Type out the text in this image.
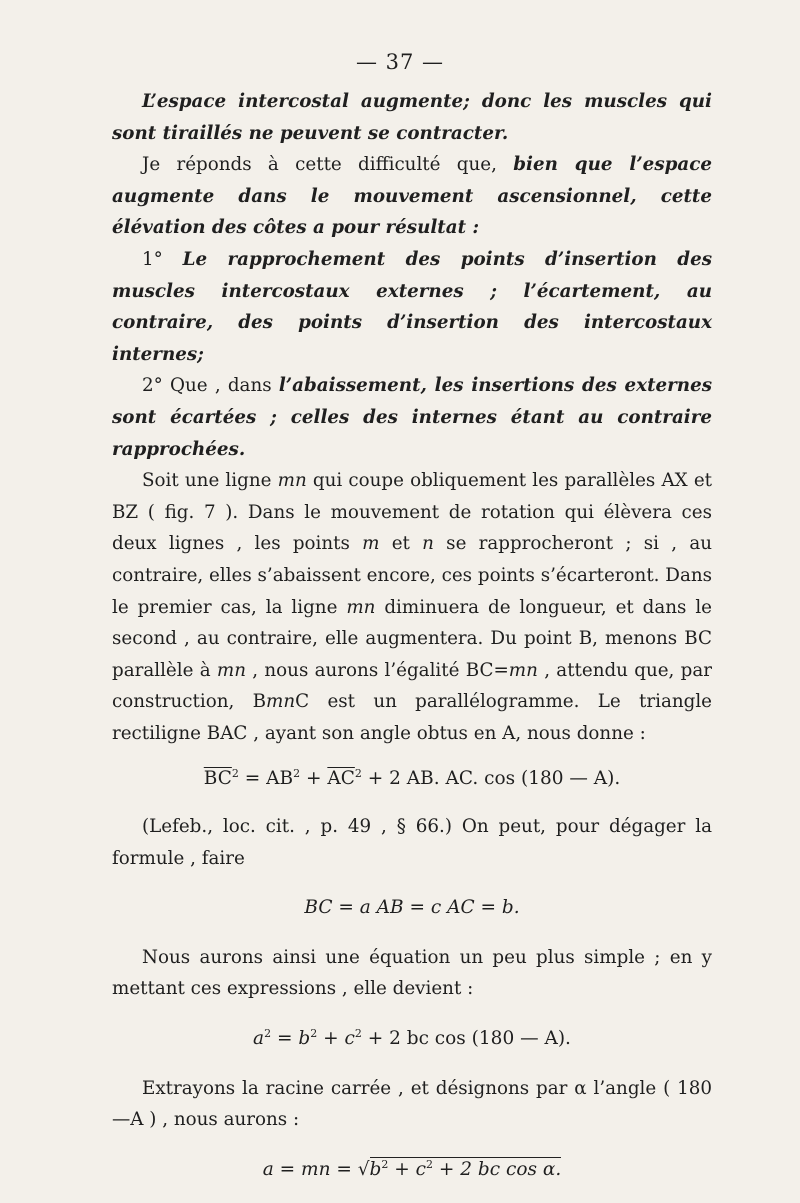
— 37 —

L’espace intercostal augmente; donc les muscles qui sont tiraillés ne peuvent se contracter.

Je réponds à cette difficulté que, bien que l’espace augmente dans le mouvement ascensionnel, cette élévation des côtes a pour résultat :

1° Le rapprochement des points d’insertion des muscles intercostaux externes ; l’écartement, au contraire, des points d’insertion des intercostaux internes;

2° Que , dans l’abaissement, les insertions des externes sont écartées ; celles des internes étant au contraire rapprochées.

Soit une ligne mn qui coupe obliquement les parallèles AX et BZ ( fig. 7 ). Dans le mouvement de rotation qui élèvera ces deux lignes , les points m et n se rapprocheront ; si , au contraire, elles s’abaissent encore, ces points s’écarteront. Dans le premier cas, la ligne mn diminuera de longueur, et dans le second , au contraire, elle augmentera. Du point B, menons BC parallèle à mn , nous aurons l’égalité BC=mn , attendu que, par construction, BmnC est un parallélogramme. Le triangle rectiligne BAC , ayant son angle obtus en A, nous donne :

$\overline{BC}^2 = AB^2 + \overline{AC}^2 + 2$ AB. AC. cos (180 — A).

(Lefeb., loc. cit. , p. 49 , § 66.) On peut, pour dégager la formule , faire

BC = a AB = c AC = b.

Nous aurons ainsi une équation un peu plus simple ; en y mettant ces expressions , elle devient :

$a^2 = b^2 + c^2 + 2$ bc cos (180 — A).

Extrayons la racine carrée , et désignons par α l’angle ( 180—A ) , nous aurons :

a = mn = $√b^2 + c^2 + 2$ bc cos α.
